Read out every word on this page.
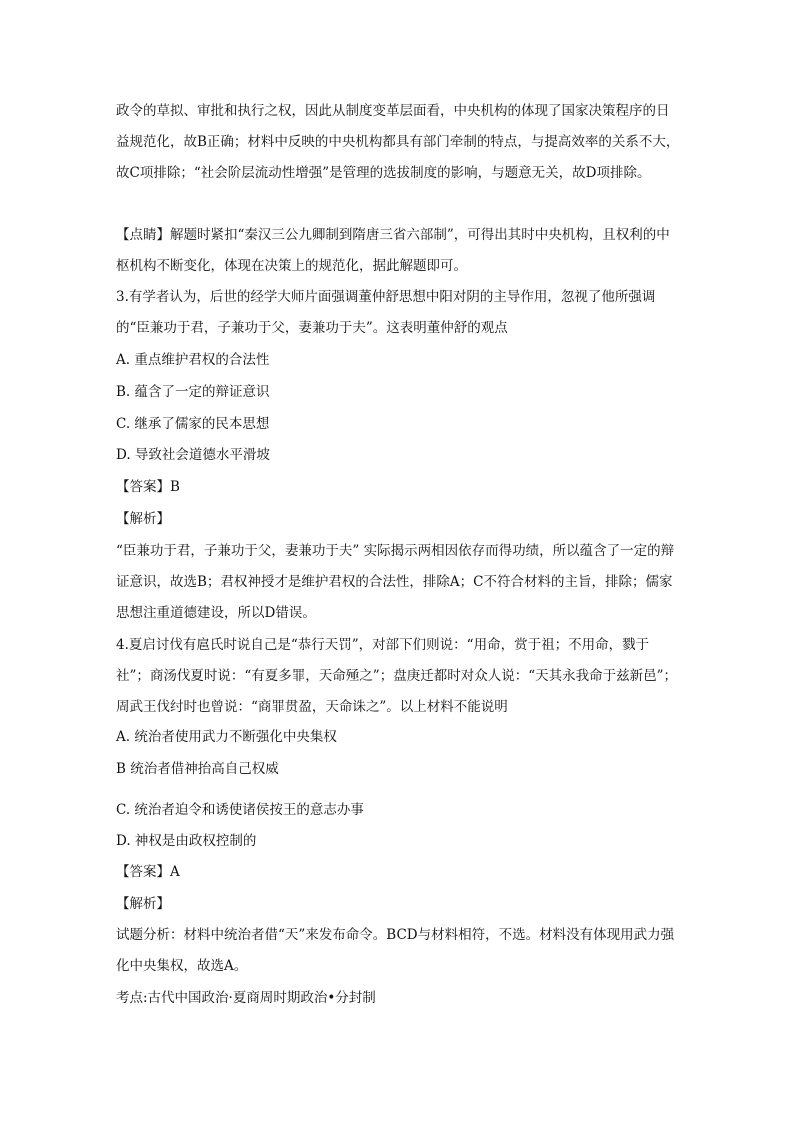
政令的草拟、审批和执行之权，因此从制度变革层面看，中央机构的体现了国家决策程序的日益规范化，故B正确；材料中反映的中央机构都具有部门牵制的特点，与提高效率的关系不大，故C项排除；“社会阶层流动性增强”是管理的选拔制度的影响，与题意无关，故D项排除。

【点睛】解题时紧扣“秦汉三公九卿制到隋唐三省六部制”，可得出其时中央机构，且权利的中枢机构不断变化，体现在决策上的规范化，据此解题即可。

3.有学者认为，后世的经学大师片面强调董仲舒思想中阳对阴的主导作用，忽视了他所强调的“臣兼功于君，子兼功于父，妻兼功于夫”。这表明董仲舒的观点

A. 重点维护君权的合法性

B. 蕴含了一定的辩证意识

C. 继承了儒家的民本思想

D. 导致社会道德水平滑坡

【答案】B

【解析】

“臣兼功于君，子兼功于父，妻兼功于夫” 实际揭示两相因依存而得功绩，所以蕴含了一定的辩证意识，故选B；君权神授才是维护君权的合法性，排除A；C不符合材料的主旨，排除；儒家思想注重道德建设，所以D错误。

4.夏启讨伐有扈氏时说自己是“恭行天罚”，对部下们则说：“用命，赏于祖；不用命，戮于社”；商汤伐夏时说：“有夏多罪，天命殛之”；盘庚迁都时对众人说：“天其永我命于兹新邑”；周武王伐纣时也曾说：“商罪贯盈，天命诛之”。以上材料不能说明

A. 统治者使用武力不断强化中央集权

B 统治者借神抬高自己权威

C. 统治者迫令和诱使诸侯按王的意志办事

D. 神权是由政权控制的

【答案】A

【解析】

试题分析：材料中统治者借“天”来发布命令。BCD与材料相符，不选。材料没有体现用武力强化中央集权，故选A。

考点:古代中国政治·夏商周时期政治•分封制
